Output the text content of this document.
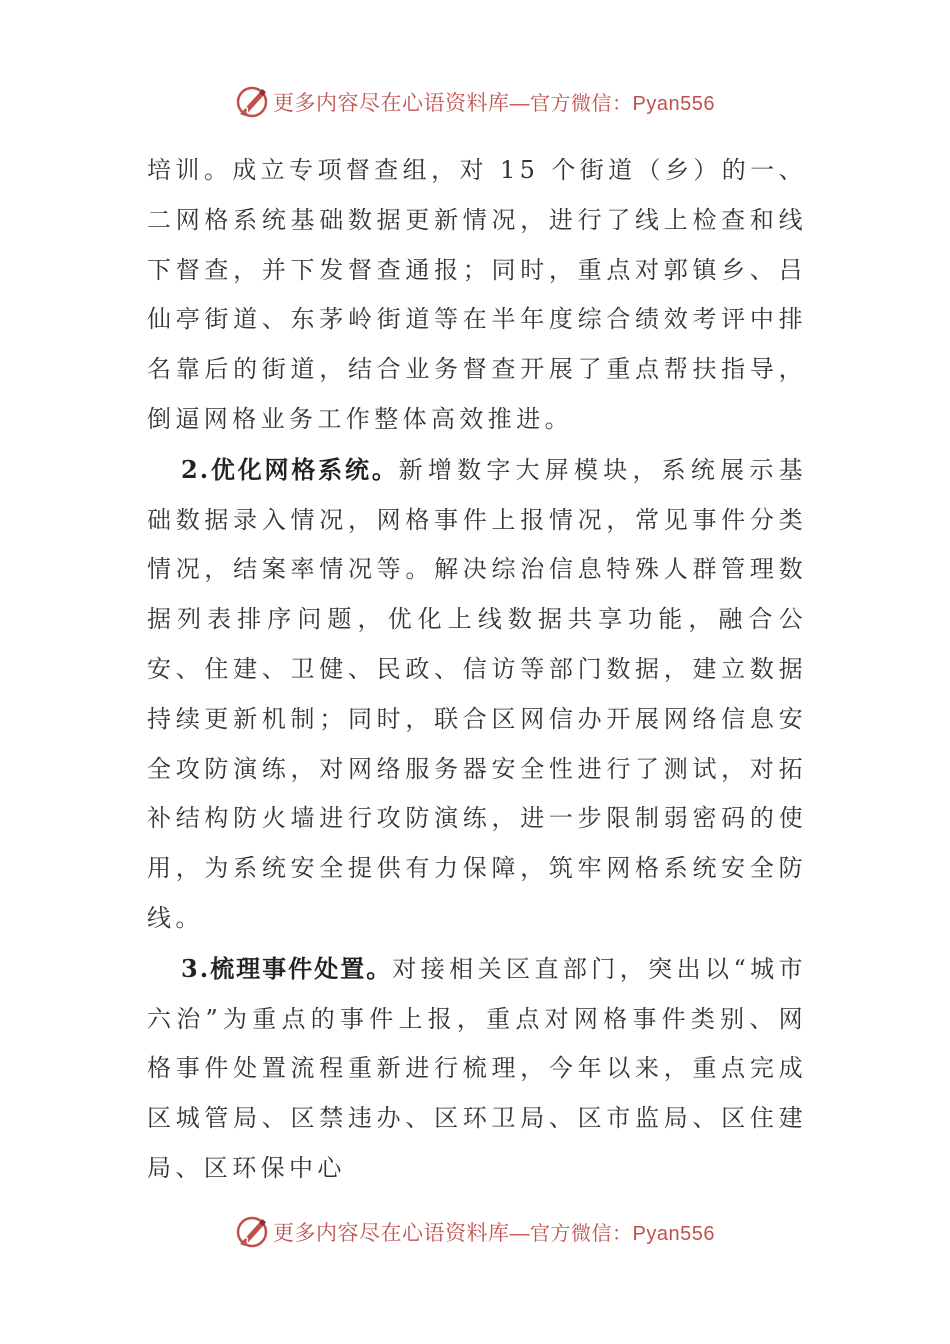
更多内容尽在心语资料库—官方微信：Pyan556

培训。成立专项督查组，对 15 个街道（乡）的一、二网格系统基础数据更新情况，进行了线上检查和线下督查，并下发督查通报；同时，重点对郭镇乡、吕仙亭街道、东茅岭街道等在半年度综合绩效考评中排名靠后的街道，结合业务督查开展了重点帮扶指导，倒逼网格业务工作整体高效推进。

2.优化网格系统。新增数字大屏模块，系统展示基础数据录入情况，网格事件上报情况，常见事件分类情况，结案率情况等。解决综治信息特殊人群管理数据列表排序问题，优化上线数据共享功能，融合公安、住建、卫健、民政、信访等部门数据，建立数据持续更新机制；同时，联合区网信办开展网络信息安全攻防演练，对网络服务器安全性进行了测试，对拓补结构防火墙进行攻防演练，进一步限制弱密码的使用，为系统安全提供有力保障，筑牢网格系统安全防线。

3.梳理事件处置。对接相关区直部门，突出以“城市六治”为重点的事件上报，重点对网格事件类别、网格事件处置流程重新进行梳理，今年以来，重点完成区城管局、区禁违办、区环卫局、区市监局、区住建局、区环保中心

更多内容尽在心语资料库—官方微信：Pyan556
